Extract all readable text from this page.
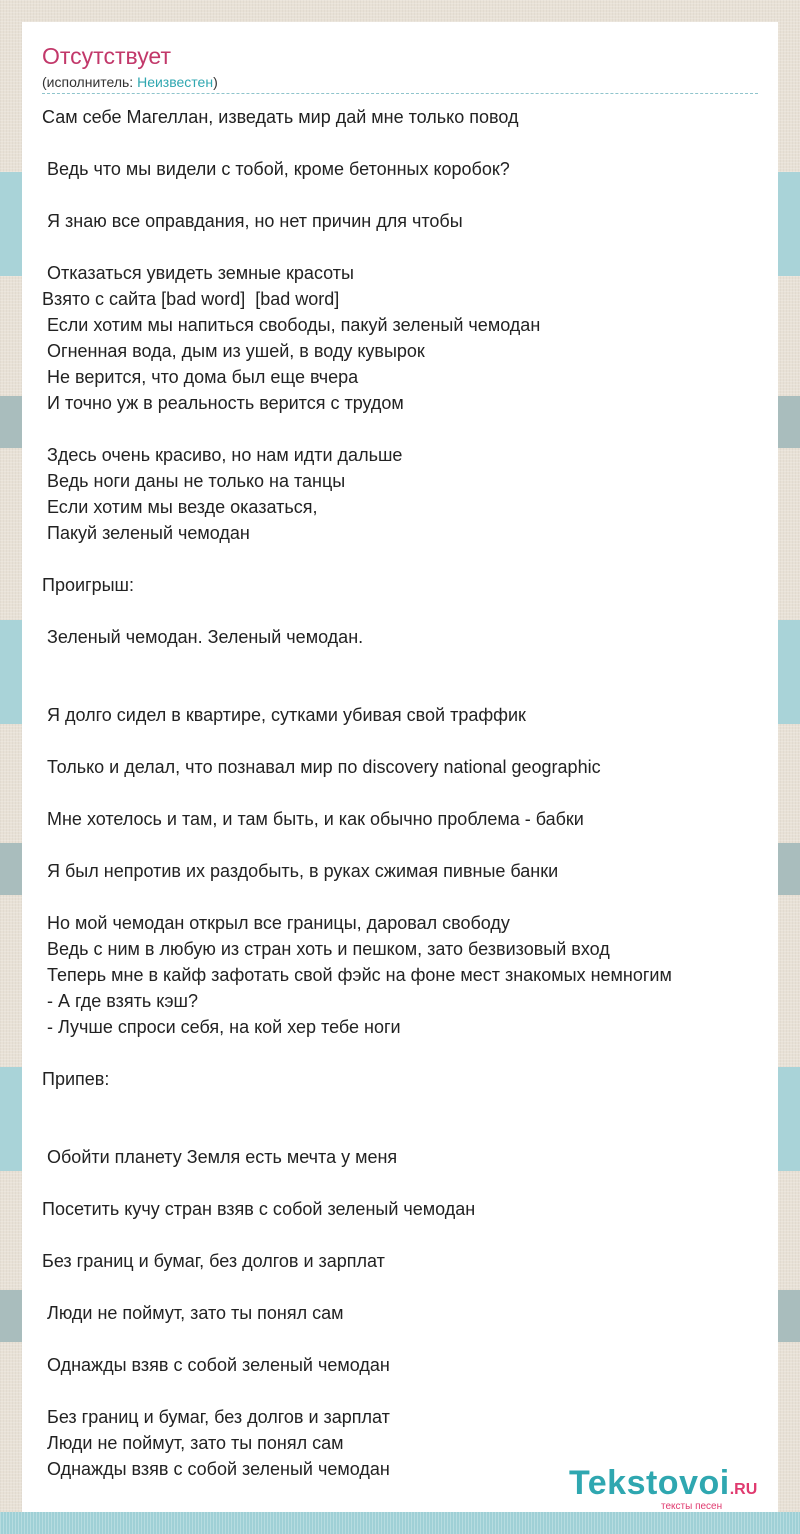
Отсутствует
(исполнитель: Неизвестен)
Сам себе Магеллан, изведать мир дай мне только повод
Ведь что мы видели с тобой, кроме бетонных коробок?
Я знаю все оправдания, но нет причин для чтобы
Отказаться увидеть земные красоты
Взято с сайта [bad word]  [bad word]
Если хотим мы напиться свободы, пакуй зеленый чемодан
Огненная вода, дым из ушей, в воду кувырок
Не верится, что дома был еще вчера
И точно уж в реальность верится с трудом
Здесь очень красиво, но нам идти дальше
Ведь ноги даны не только на танцы
Если хотим мы везде оказаться,
Пакуй зеленый чемодан
Проигрыш:
Зеленый чемодан. Зеленый чемодан.
Я долго сидел в квартире, сутками убивая свой траффик
Только и делал, что познавал мир по discovery national geographic
Мне хотелось и там, и там быть, и как обычно проблема - бабки
Я был непротив их раздобыть, в руках сжимая пивные банки
Но мой чемодан открыл все границы, даровал свободу
Ведь с ним в любую из стран хоть и пешком, зато безвизовый вход
Теперь мне в кайф зафотать свой фэйс на фоне мест знакомых немногим
- А где взять кэш?
- Лучше спроси себя, на кой хер тебе ноги
Припев:
Обойти планету Земля есть мечта у меня
Посетить кучу стран взяв с собой зеленый чемодан
Без границ и бумаг, без долгов и зарплат
Люди не поймут, зато ты понял сам
Однажды взяв с собой зеленый чемодан
Без границ и бумаг, без долгов и зарплат
Люди не поймут, зато ты понял сам
Однажды взяв с собой зеленый чемодан	Tekstovoi.RU
тексты песен
